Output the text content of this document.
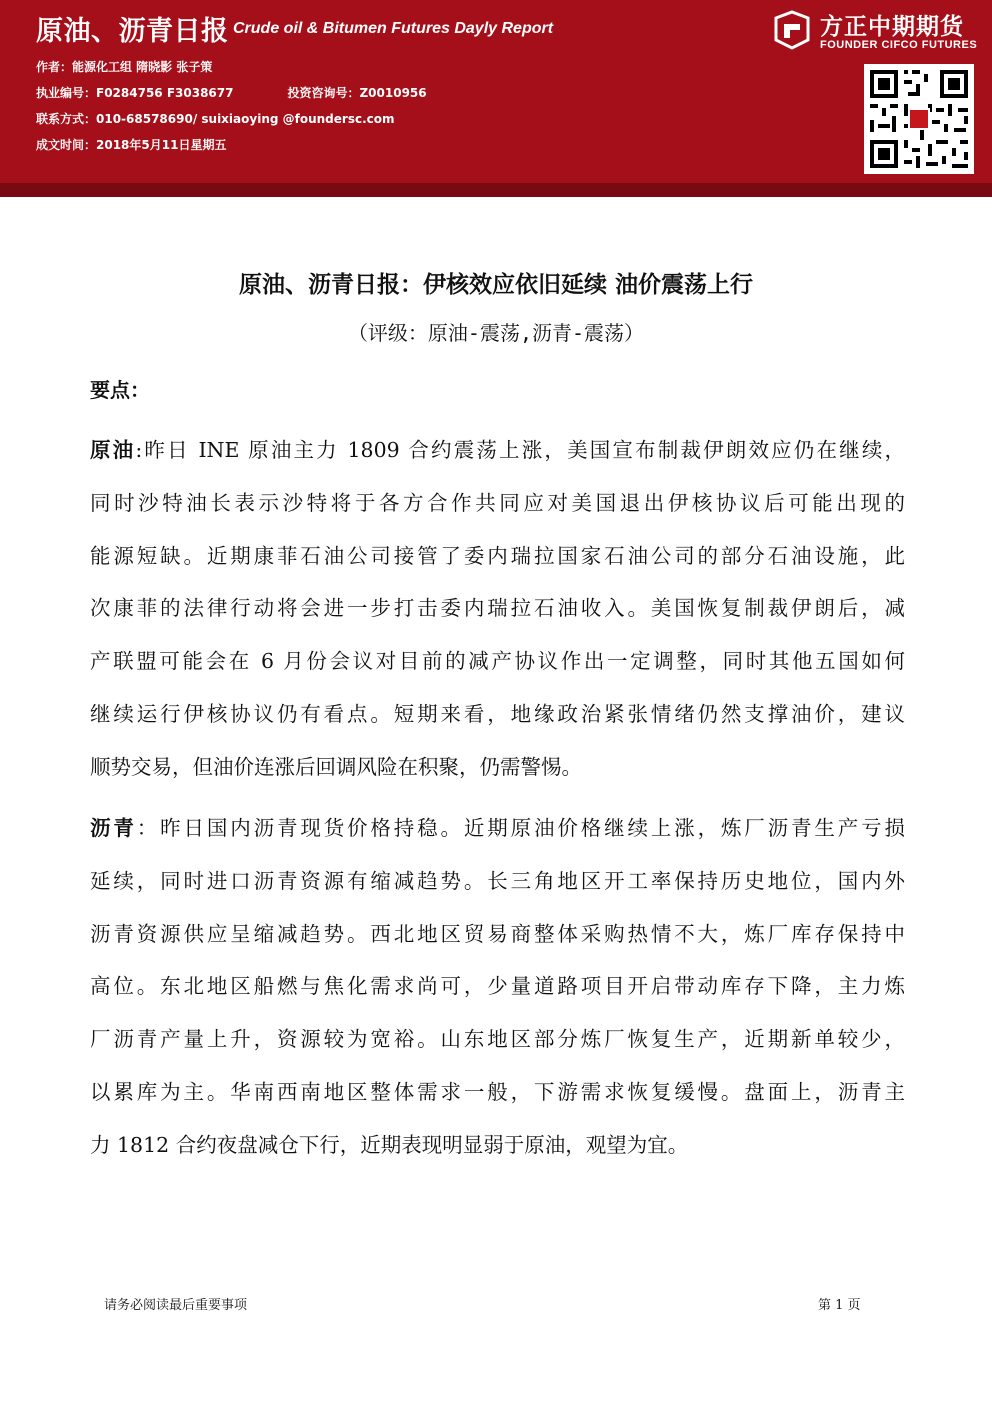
原油、沥青日报 Crude oil & Bitumen Futures Dayly Report
作者：能源化工组 隋晓影 张子策
执业编号：F0284756 F3038677	投资咨询号：Z0010956
联系方式：010-68578690/ suixiaoying @foundersc.com
成文时间：2018年5月11日星期五
方正中期期货
FOUNDER CIFCO FUTURES
原油、沥青日报：伊核效应依旧延续 油价震荡上行
（评级：原油-震荡,沥青-震荡）
要点：
原油:昨日 INE 原油主力 1809 合约震荡上涨，美国宣布制裁伊朗效应仍在继续，
同时沙特油长表示沙特将于各方合作共同应对美国退出伊核协议后可能出现的
能源短缺。近期康菲石油公司接管了委内瑞拉国家石油公司的部分石油设施，此
次康菲的法律行动将会进一步打击委内瑞拉石油收入。美国恢复制裁伊朗后，减
产联盟可能会在 6 月份会议对目前的减产协议作出一定调整，同时其他五国如何
继续运行伊核协议仍有看点。短期来看，地缘政治紧张情绪仍然支撑油价，建议
顺势交易，但油价连涨后回调风险在积聚，仍需警惕。
沥青：昨日国内沥青现货价格持稳。近期原油价格继续上涨，炼厂沥青生产亏损
延续，同时进口沥青资源有缩减趋势。长三角地区开工率保持历史地位，国内外
沥青资源供应呈缩减趋势。西北地区贸易商整体采购热情不大，炼厂库存保持中
高位。东北地区船燃与焦化需求尚可，少量道路项目开启带动库存下降，主力炼
厂沥青产量上升，资源较为宽裕。山东地区部分炼厂恢复生产，近期新单较少，
以累库为主。华南西南地区整体需求一般，下游需求恢复缓慢。盘面上，沥青主
力 1812 合约夜盘减仓下行，近期表现明显弱于原油，观望为宜。
请务必阅读最后重要事项	第 1 页
